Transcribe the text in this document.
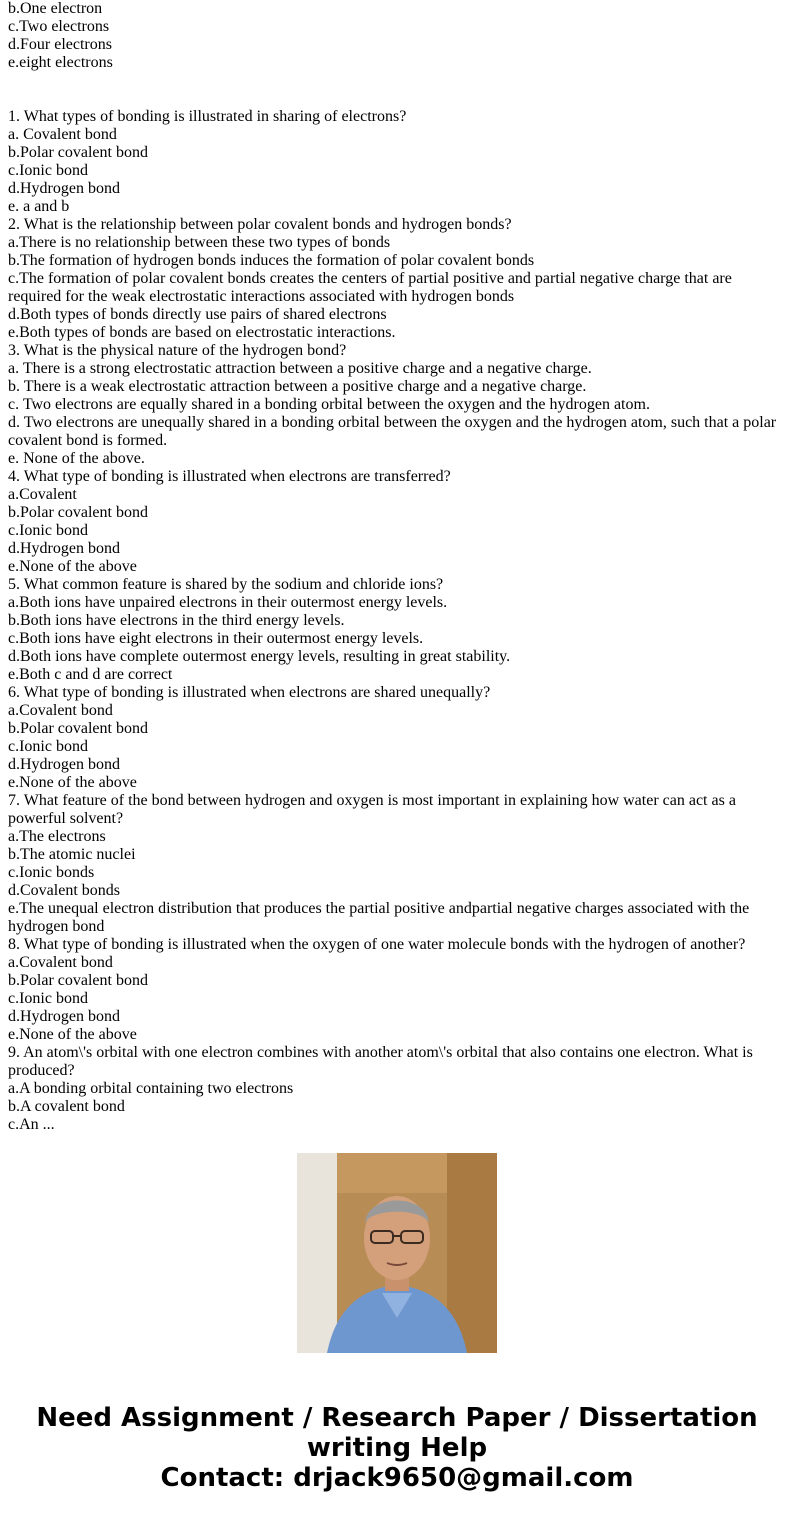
b.One electron
c.Two electrons
d.Four electrons
e.eight electrons
1. What types of bonding is illustrated in sharing of electrons?
a. Covalent bond
b.Polar covalent bond
c.Ionic bond
d.Hydrogen bond
e. a and b
2. What is the relationship between polar covalent bonds and hydrogen bonds?
a.There is no relationship between these two types of bonds
b.The formation of hydrogen bonds induces the formation of polar covalent bonds
c.The formation of polar covalent bonds creates the centers of partial positive and partial negative charge that are required for the weak electrostatic interactions associated with hydrogen bonds
d.Both types of bonds directly use pairs of shared electrons
e.Both types of bonds are based on electrostatic interactions.
3. What is the physical nature of the hydrogen bond?
a. There is a strong electrostatic attraction between a positive charge and a negative charge.
b. There is a weak electrostatic attraction between a positive charge and a negative charge.
c. Two electrons are equally shared in a bonding orbital between the oxygen and the hydrogen atom.
d. Two electrons are unequally shared in a bonding orbital between the oxygen and the hydrogen atom, such that a polar covalent bond is formed.
e. None of the above.
4. What type of bonding is illustrated when electrons are transferred?
a.Covalent
b.Polar covalent bond
c.Ionic bond
d.Hydrogen bond
e.None of the above
5. What common feature is shared by the sodium and chloride ions?
a.Both ions have unpaired electrons in their outermost energy levels.
b.Both ions have electrons in the third energy levels.
c.Both ions have eight electrons in their outermost energy levels.
d.Both ions have complete outermost energy levels, resulting in great stability.
e.Both c and d are correct
6. What type of bonding is illustrated when electrons are shared unequally?
a.Covalent bond
b.Polar covalent bond
c.Ionic bond
d.Hydrogen bond
e.None of the above
7. What feature of the bond between hydrogen and oxygen is most important in explaining how water can act as a powerful solvent?
a.The electrons
b.The atomic nuclei
c.Ionic bonds
d.Covalent bonds
e.The unequal electron distribution that produces the partial positive andpartial negative charges associated with the hydrogen bond
8. What type of bonding is illustrated when the oxygen of one water molecule bonds with the hydrogen of another?
a.Covalent bond
b.Polar covalent bond
c.Ionic bond
d.Hydrogen bond
e.None of the above
9. An atom\'s orbital with one electron combines with another atom\'s orbital that also contains one electron. What is produced?
a.A bonding orbital containing two electrons
b.A covalent bond
c.An ...
Need Assignment / Research Paper / Dissertation
writing Help
Contact: drjack9650@gmail.com
